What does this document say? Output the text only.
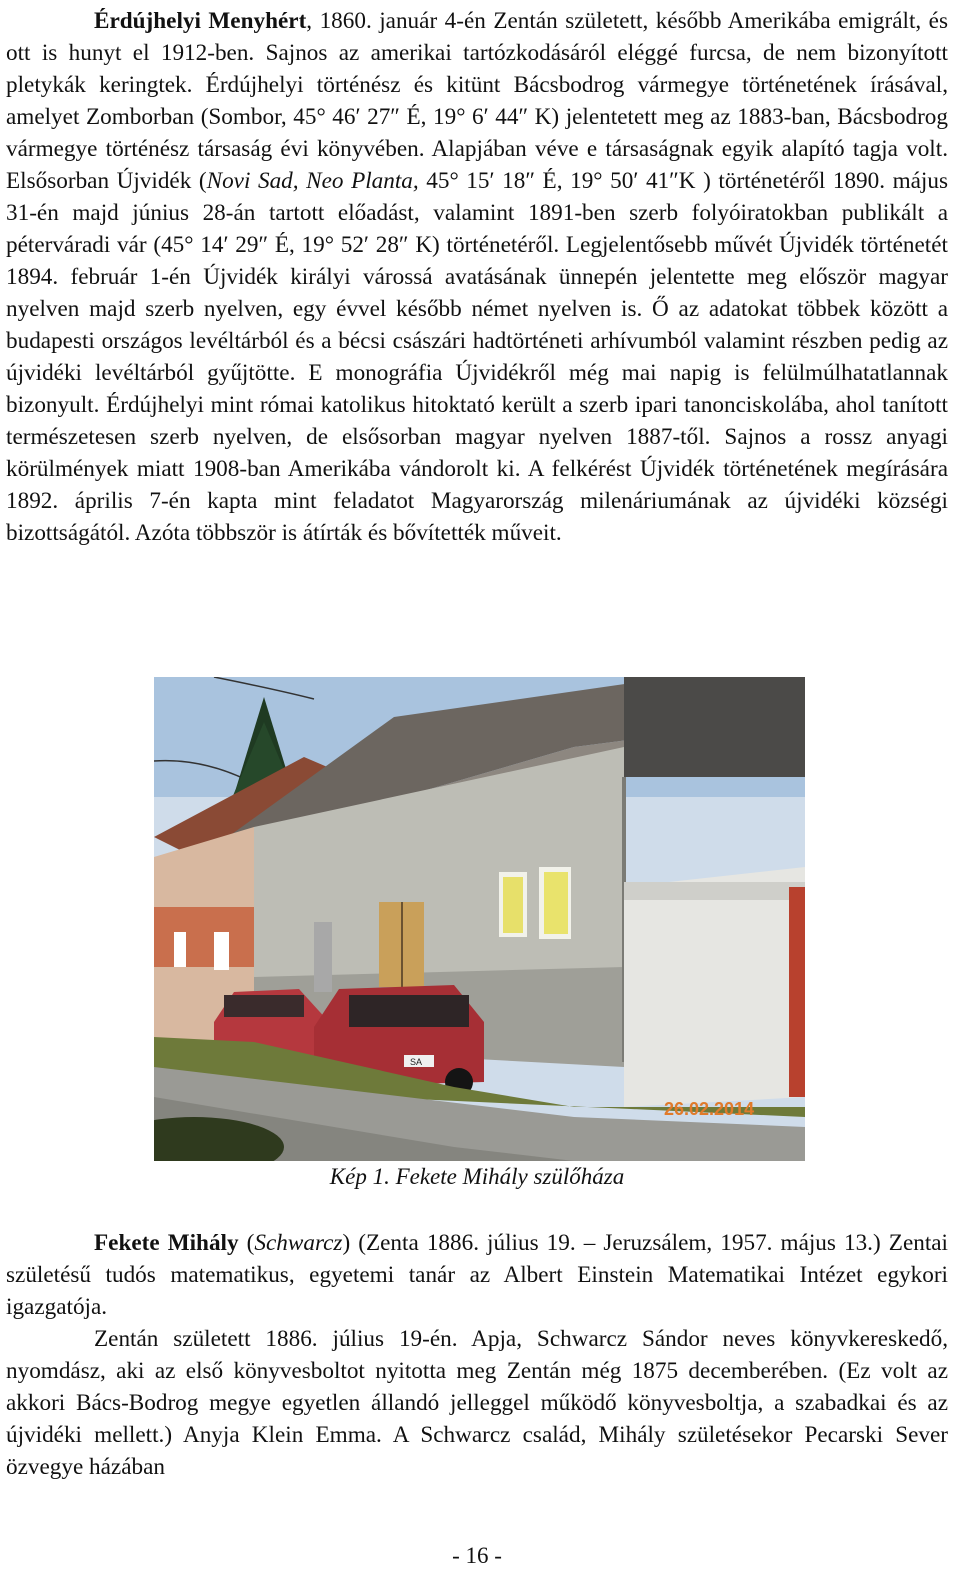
Érdújhelyi Menyhért, 1860. január 4-én Zentán született, később Amerikába emigrált, és ott is hunyt el 1912-ben. Sajnos az amerikai tartózkodásáról eléggé furcsa, de nem bizonyított pletykák keringtek. Érdújhelyi történész és kitünt Bácsbodrog vármegye történetének írásával, amelyet Zomborban (Sombor, 45° 46′ 27″ É, 19° 6′ 44″ K) jelentetett meg az 1883-ban, Bácsbodrog vármegye történész társaság évi könyvében. Alapjában véve e társaságnak egyik alapító tagja volt. Elsősorban Újvidék (Novi Sad, Neo Planta, 45° 15′ 18″ É, 19° 50′ 41″K ) történetéről 1890. május 31-én majd június 28-án tartott előadást, valamint 1891-ben szerb folyóiratokban publikált a péterváradi vár (45° 14′ 29″ É, 19° 52′ 28″ K) történetéről. Legjelentősebb művét Újvidék történetét 1894. február 1-én Újvidék királyi várossá avatásának ünnepén jelentette meg először magyar nyelven majd szerb nyelven, egy évvel később német nyelven is. Ő az adatokat többek között a budapesti országos levéltárból és a bécsi császári hadtörténeti arhívumból valamint részben pedig az újvidéki levéltárból gyűjtötte. E monográfia Újvidékről még mai napig is felülmúlhatatlannak bizonyult. Érdújhelyi mint római katolikus hitoktató került a szerb ipari tanonciskolába, ahol tanított természetesen szerb nyelven, de elsősorban magyar nyelven 1887-től. Sajnos a rossz anyagi körülmények miatt 1908-ban Amerikába vándorolt ki. A felkérést Újvidék történetének megírására 1892. április 7-én kapta mint feladatot Magyarország milenáriumának az újvidéki községi bizottságától. Azóta többször is átírták és bővítették műveit.

26.02.2014
SA
Kép 1. Fekete Mihály szülőháza

Fekete Mihály (Schwarcz) (Zenta 1886. július 19. – Jeruzsálem, 1957. május 13.) Zentai születésű tudós matematikus, egyetemi tanár az Albert Einstein Matematikai Intézet egykori igazgatója.

Zentán született 1886. július 19-én. Apja, Schwarcz Sándor neves könyvkereskedő, nyomdász, aki az első könyvesboltot nyitotta meg Zentán még 1875 decemberében. (Ez volt az akkori Bács-Bodrog megye egyetlen állandó jelleggel működő könyvesboltja, a szabadkai és az újvidéki mellett.) Anyja Klein Emma. A Schwarcz család, Mihály születésekor Pecarski Sever özvegye házában

- 16 -
